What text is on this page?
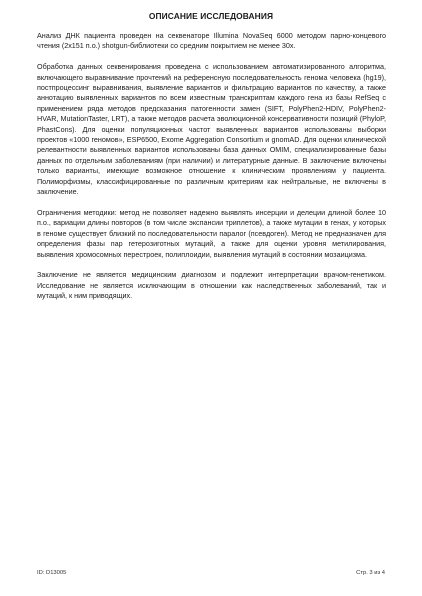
ОПИСАНИЕ ИССЛЕДОВАНИЯ

Анализ ДНК пациента проведен на секвенаторе Illumina NovaSeq 6000 методом парно-концевого чтения (2x151 п.о.) shotgun-библиотеки со средним покрытием не менее 30х.

Обработка данных секвенирования проведена с использованием автоматизированного алгоритма, включающего выравнивание прочтений на референсную последовательность генома человека (hg19), постпроцессинг выравнивания, выявление вариантов и фильтрацию вариантов по качеству, а также аннотацию выявленных вариантов по всем известным транскриптам каждого гена из базы RefSeq с применением ряда методов предсказания патогенности замен (SIFT, PolyPhen2-HDIV, PolyPhen2-HVAR, MutationTaster, LRT), а также методов расчета эволюционной консервативности позиций (PhyloP, PhastCons). Для оценки популяционных частот выявленных вариантов использованы выборки проектов «1000 геномов», ESP6500, Exome Aggregation Consortium и gnomAD. Для оценки клинической релевантности выявленных вариантов использованы база данных OMIM, специализированные базы данных по отдельным заболеваниям (при наличии) и литературные данные. В заключение включены только варианты, имеющие возможное отношение к клиническим проявлениям у пациента. Полиморфизмы, классифицированные по различным критериям как нейтральные, не включены в заключение.

Ограничения методики: метод не позволяет надежно выявлять инсерции и делеции длиной более 10 п.о., вариации длины повторов (в том числе экспансии триплетов), а также мутации в генах, у которых в геноме существует близкий по последовательности паралог (псевдоген). Метод не предназначен для определения фазы пар гетерозиготных мутаций, а также для оценки уровня метилирования, выявления хромосомных перестроек, полиплоидии, выявления мутаций в состоянии мозаицизма.

Заключение не является медицинским диагнозом и подлежит интерпретации врачом-генетиком. Исследование не является исключающим в отношении как наследственных заболеваний, так и мутаций, к ним приводящих.

ID: D13005	Стр. 3 из 4
